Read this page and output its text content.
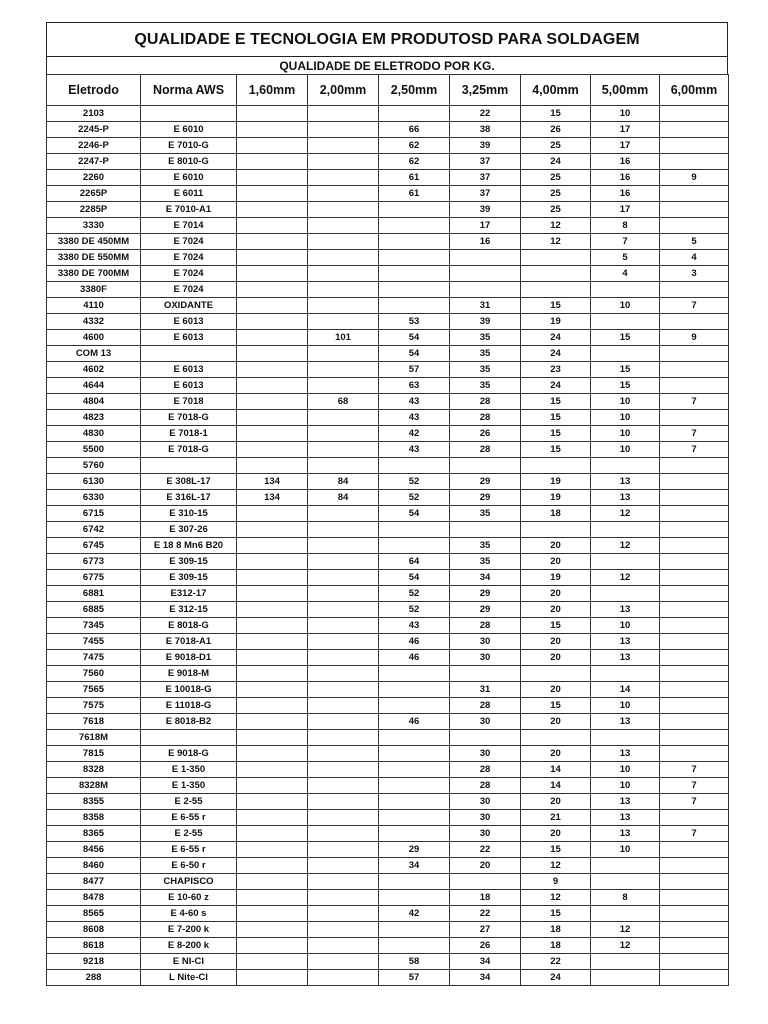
QUALIDADE E TECNOLOGIA EM PRODUTOSD PARA SOLDAGEM
QUALIDADE DE ELETRODO POR KG.
Eletrodo	Norma AWS	1,60mm	2,00mm	2,50mm	3,25mm	4,00mm	5,00mm	6,00mm
2103					22	15	10	
2245-P	E 6010			66	38	26	17	
2246-P	E 7010-G			62	39	25	17	
2247-P	E 8010-G			62	37	24	16	
2260	E 6010			61	37	25	16	9
2265P	E 6011			61	37	25	16	
2285P	E 7010-A1				39	25	17	
3330	E 7014				17	12	8	
3380 DE 450MM	E 7024				16	12	7	5
3380 DE 550MM	E 7024						5	4
3380 DE 700MM	E 7024						4	3
3380F	E 7024							
4110	OXIDANTE				31	15	10	7
4332	E 6013			53	39	19		
4600	E 6013		101	54	35	24	15	9
COM 13				54	35	24		
4602	E 6013			57	35	23	15	
4644	E 6013			63	35	24	15	
4804	E 7018		68	43	28	15	10	7
4823	E 7018-G			43	28	15	10	
4830	E 7018-1			42	26	15	10	7
5500	E 7018-G			43	28	15	10	7
5760								
6130	E 308L-17	134	84	52	29	19	13	
6330	E 316L-17	134	84	52	29	19	13	
6715	E 310-15			54	35	18	12	
6742	E 307-26							
6745	E 18 8 Mn6 B20				35	20	12	
6773	E 309-15			64	35	20		
6775	E 309-15			54	34	19	12	
6881	E312-17			52	29	20		
6885	E 312-15			52	29	20	13	
7345	E 8018-G			43	28	15	10	
7455	E 7018-A1			46	30	20	13	
7475	E 9018-D1			46	30	20	13	
7560	E 9018-M							
7565	E 10018-G				31	20	14	
7575	E 11018-G				28	15	10	
7618	E 8018-B2			46	30	20	13	
7618M								
7815	E 9018-G				30	20	13	
8328	E 1-350				28	14	10	7
8328M	E 1-350				28	14	10	7
8355	E 2-55				30	20	13	7
8358	E 6-55 r				30	21	13	
8365	E 2-55				30	20	13	7
8456	E 6-55 r			29	22	15	10	
8460	E 6-50 r			34	20	12		
8477	CHAPISCO					9		
8478	E 10-60 z				18	12	8	
8565	E 4-60 s			42	22	15		
8608	E 7-200 k				27	18	12	
8618	E 8-200 k				26	18	12	
9218	E NI-CI			58	34	22		
288	L Nite-CI			57	34	24		
